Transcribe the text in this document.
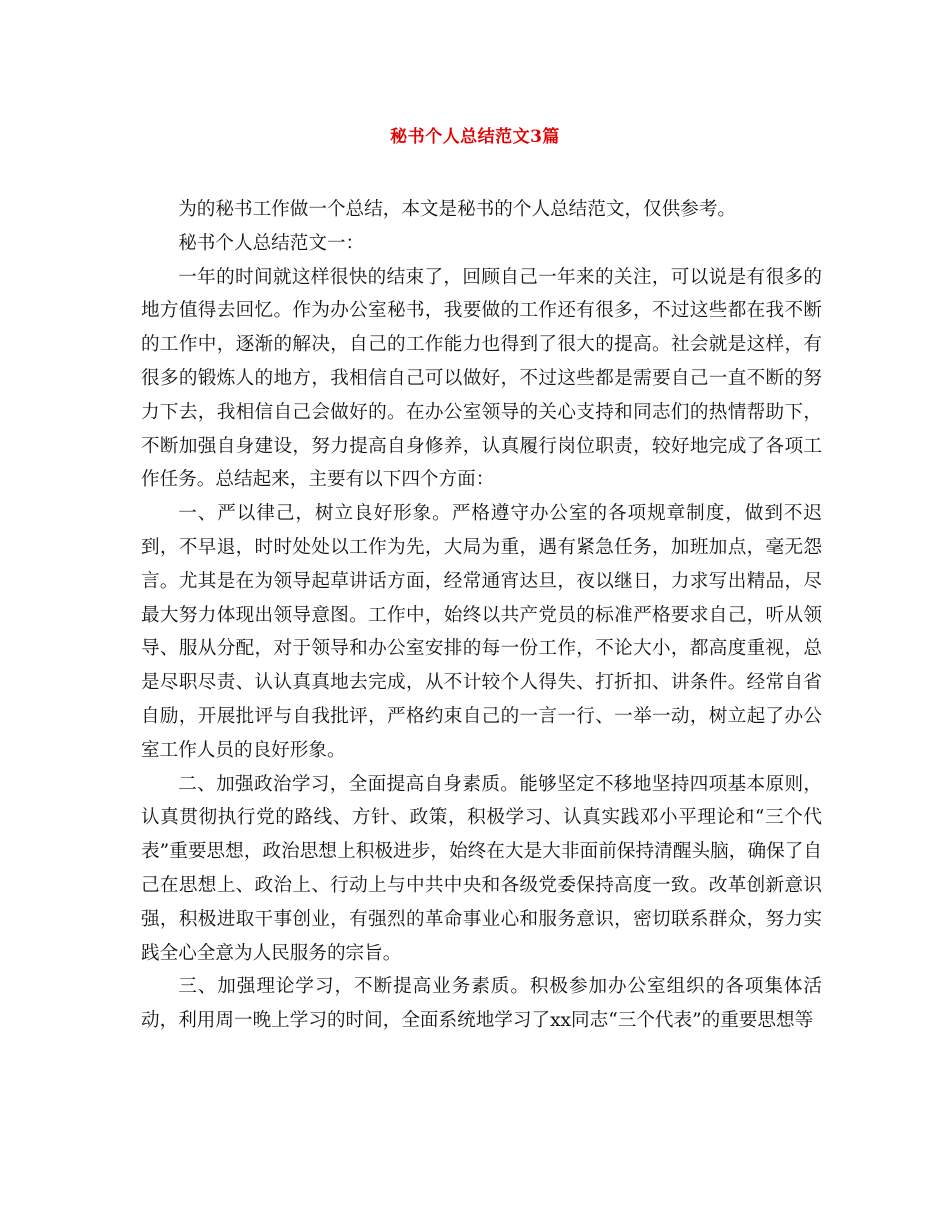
秘书个人总结范文3篇

为的秘书工作做一个总结，本文是秘书的个人总结范文，仅供参考。

秘书个人总结范文一：

一年的时间就这样很快的结束了，回顾自己一年来的关注，可以说是有很多的地方值得去回忆。作为办公室秘书，我要做的工作还有很多，不过这些都在我不断的工作中，逐渐的解决，自己的工作能力也得到了很大的提高。社会就是这样，有很多的锻炼人的地方，我相信自己可以做好，不过这些都是需要自己一直不断的努力下去，我相信自己会做好的。在办公室领导的关心支持和同志们的热情帮助下，不断加强自身建设，努力提高自身修养，认真履行岗位职责，较好地完成了各项工作任务。总结起来，主要有以下四个方面：

一、严以律己，树立良好形象。严格遵守办公室的各项规章制度，做到不迟到，不早退，时时处处以工作为先，大局为重，遇有紧急任务，加班加点，毫无怨言。尤其是在为领导起草讲话方面，经常通宵达旦，夜以继日，力求写出精品，尽最大努力体现出领导意图。工作中，始终以共产党员的标准严格要求自己，听从领导、服从分配，对于领导和办公室安排的每一份工作，不论大小，都高度重视，总是尽职尽责、认认真真地去完成，从不计较个人得失、打折扣、讲条件。经常自省自励，开展批评与自我批评，严格约束自己的一言一行、一举一动，树立起了办公室工作人员的良好形象。

二、加强政治学习，全面提高自身素质。能够坚定不移地坚持四项基本原则，认真贯彻执行党的路线、方针、政策，积极学习、认真实践邓小平理论和“三个代表”重要思想，政治思想上积极进步，始终在大是大非面前保持清醒头脑，确保了自己在思想上、政治上、行动上与中共中央和各级党委保持高度一致。改革创新意识强，积极进取干事创业，有强烈的革命事业心和服务意识，密切联系群众，努力实践全心全意为人民服务的宗旨。

三、加强理论学习，不断提高业务素质。积极参加办公室组织的各项集体活动，利用周一晚上学习的时间，全面系统地学习了xx同志“三个代表”的重要思想等
